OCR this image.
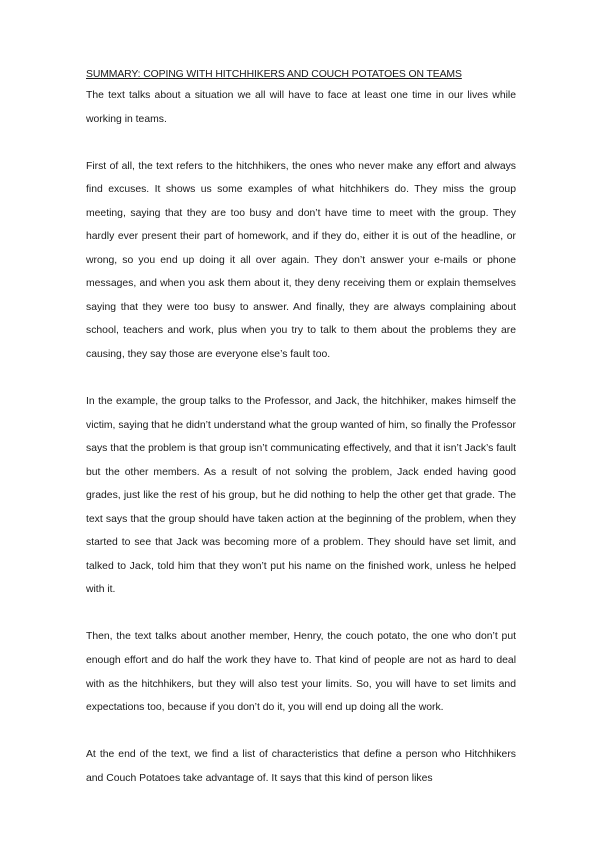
SUMMARY: COPING WITH HITCHHIKERS AND COUCH POTATOES ON TEAMS

The text talks about a situation we all will have to face at least one time in our lives while working in teams.

First of all, the text refers to the hitchhikers, the ones who never make any effort and always find excuses. It shows us some examples of what hitchhikers do. They miss the group meeting, saying that they are too busy and don’t have time to meet with the group. They hardly ever present their part of homework, and if they do, either it is out of the headline, or wrong, so you end up doing it all over again. They don’t answer your e-mails or phone messages, and when you ask them about it, they deny receiving them or explain themselves saying that they were too busy to answer. And finally, they are always complaining about school, teachers and work, plus when you try to talk to them about the problems they are causing, they say those are everyone else’s fault too.

In the example, the group talks to the Professor, and Jack, the hitchhiker, makes himself the victim, saying that he didn’t understand what the group wanted of him, so finally the Professor says that the problem is that group isn’t communicating effectively, and that it isn’t Jack’s fault but the other members. As a result of not solving the problem, Jack ended having good grades, just like the rest of his group, but he did nothing to help the other get that grade. The text says that the group should have taken action at the beginning of the problem, when they started to see that Jack was becoming more of a problem. They should have set limit, and talked to Jack, told him that they won’t put his name on the finished work, unless he helped with it.

Then, the text talks about another member, Henry, the couch potato, the one who don’t put enough effort and do half the work they have to. That kind of people are not as hard to deal with as the hitchhikers, but they will also test your limits. So, you will have to set limits and expectations too, because if you don’t do it, you will end up doing all the work.

At the end of the text, we find a list of characteristics that define a person who Hitchhikers and Couch Potatoes take advantage of. It says that this kind of person likes
